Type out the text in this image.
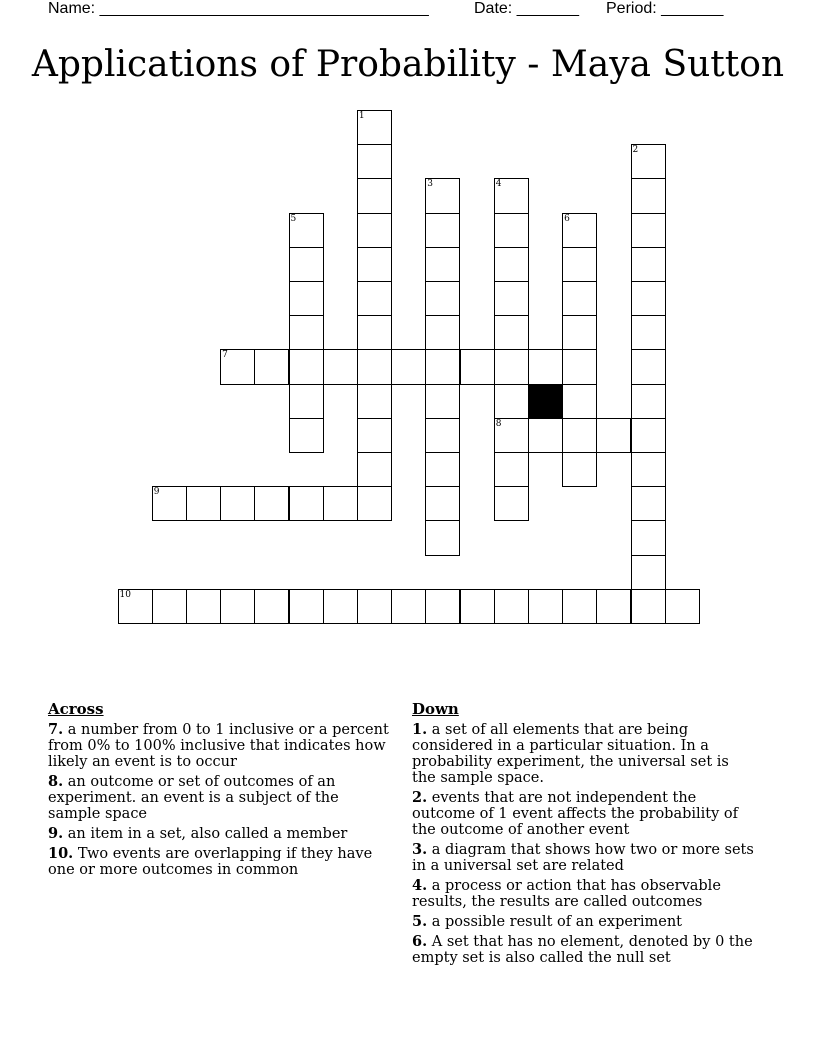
Name: _____________________________________	Date: _______ Period: _______
Applications of Probability - Maya Sutton
1
2
3	4
8
5	6
7
9
10
Across
7. a number from 0 to 1 inclusive or a percent from 0% to 100% inclusive that indicates how likely an event is to occur
8. an outcome or set of outcomes of an experiment. an event is a subject of the sample space
9. an item in a set, also called a member
10. Two events are overlapping if they have one or more outcomes in common
Down
1. a set of all elements that are being considered in a particular situation. In a probability experiment, the universal set is the sample space.
2. events that are not independent the outcome of 1 event affects the probability of the outcome of another event
3. a diagram that shows how two or more sets in a universal set are related
4. a process or action that has observable results, the results are called outcomes
5. a possible result of an experiment
6. A set that has no element, denoted by 0 the empty set is also called the null set
